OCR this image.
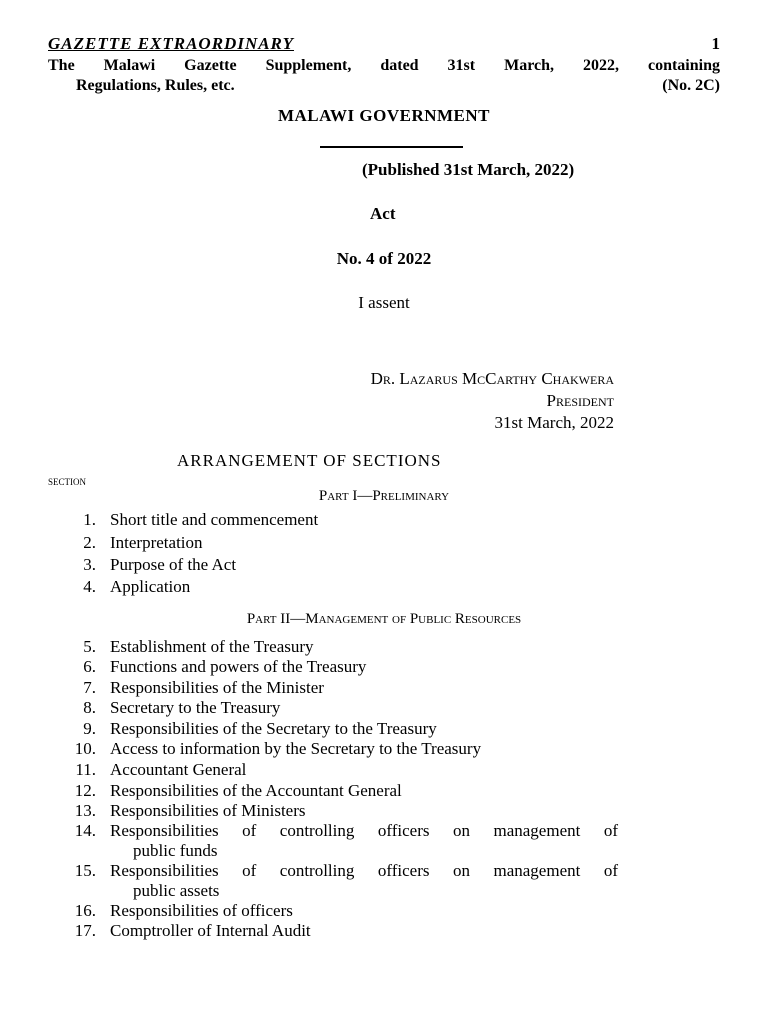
GAZETTE EXTRAORDINARY	1
The Malawi Gazette Supplement, dated 31st March, 2022, containing
Regulations, Rules, etc.	(No. 2C)
MALAWI GOVERNMENT
(Published 31st March, 2022)
Act
No. 4 of 2022
I assent
Dr. Lazarus McCarthy Chakwera
President
31st March, 2022
ARRANGEMENT OF SECTIONS
section
Part I—Preliminary
1. Short title and commencement
2. Interpretation
3. Purpose of the Act
4. Application
Part II—Management of Public Resources
5. Establishment of the Treasury
6. Functions and powers of the Treasury
7. Responsibilities of the Minister
8. Secretary to the Treasury
9. Responsibilities of the Secretary to the Treasury
10. Access to information by the Secretary to the Treasury
11. Accountant General
12. Responsibilities of the Accountant General
13. Responsibilities of Ministers
14. Responsibilities of controlling officers on management of
public funds
15. Responsibilities of controlling officers on management of
public assets
16. Responsibilities of officers
17. Comptroller of Internal Audit
